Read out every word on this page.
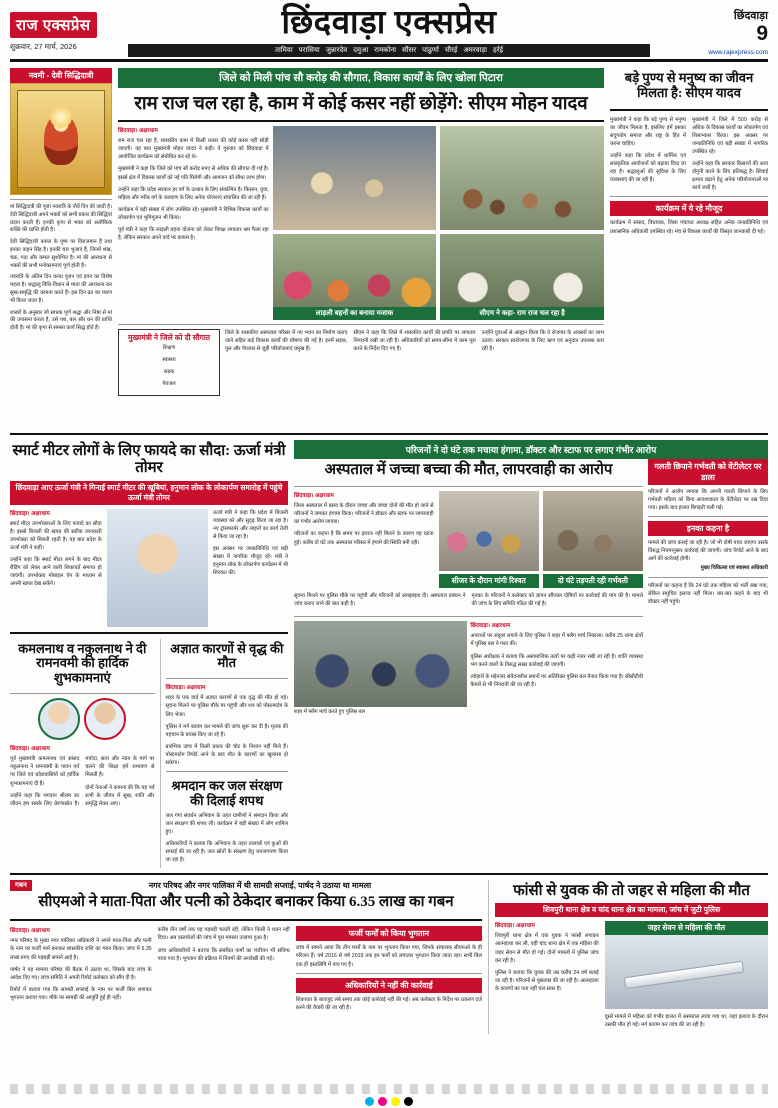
राज एक्सप्रेस
शुक्रवार, 27 मार्च, 2026
छिंदवाड़ा एक्सप्रेस
तामिया परासिया जुन्नारदेव दमुआ रामकोना सौंसर पांढुर्णा चौरई अमरवाड़ा हर्रई
छिंदवाड़ा
9
www.rajexpress.com
नवमी - देवी सिद्धिदात्री

मां सिद्धिदात्री की पूजा नवरात्रि के नौवें दिन की जाती है। देवी सिद्धिदात्री अपने भक्तों को सभी प्रकार की सिद्धियां प्रदान करती हैं। इनकी कृपा से भक्त को अलौकिक शक्ति की प्राप्ति होती है।

देवी सिद्धिदात्री कमल के पुष्प पर विराजमान हैं तथा इनका वाहन सिंह है। इनकी चार भुजाएं हैं, जिनमें शंख, चक्र, गदा और कमल सुशोभित है। मां की आराधना से भक्तों की सभी मनोकामनाएं पूर्ण होती हैं।

नवरात्रि के अंतिम दिन कन्या पूजन एवं हवन का विशेष महत्व है। श्रद्धालु विधि-विधान से माता की आराधना कर सुख-समृद्धि की कामना करते हैं। इस दिन व्रत का पारण भी किया जाता है।

शास्त्रों के अनुसार जो साधक पूर्ण श्रद्धा और निष्ठा से मां की उपासना करता है, उसे यश, बल और धन की प्राप्ति होती है। मां की कृपा से समस्त कार्य सिद्ध होते हैं।

जिले को मिली पांच सौ करोड़ की सौगात, विकास कार्यों के लिए खोला पिटारा
राम राज चल रहा है, काम में कोई कसर नहीं छोड़ेंगे: सीएम मोहन यादव
छिंदवाड़ा। अक्षरधाम

राम राज चल रहा है, शासकीय काम में किसी प्रकार की कोई कसर नहीं छोड़ी जाएगी। यह बात मुख्यमंत्री मोहन यादव ने कही। वे गुरुवार को छिंदवाड़ा में आयोजित कार्यक्रम को संबोधित कर रहे थे।

मुख्यमंत्री ने कहा कि जिले को पांच सौ करोड़ रुपए से अधिक की सौगात दी गई है। इससे क्षेत्र में विकास कार्यों को नई गति मिलेगी और आमजन को सीधा लाभ होगा।

उन्होंने कहा कि प्रदेश सरकार हर वर्ग के उत्थान के लिए संकल्पित है। किसान, युवा, महिला और गरीब वर्ग के कल्याण के लिए अनेक योजनाएं संचालित की जा रही हैं।

कार्यक्रम में बड़ी संख्या में लोग उपस्थित रहे। मुख्यमंत्री ने विभिन्न विकास कार्यों का लोकार्पण एवं भूमिपूजन भी किया।

पूर्व मंत्री ने कहा कि लाड़ली बहना योजना को लेकर विपक्ष लगातार भ्रम फैला रहा है, लेकिन सरकार अपने वादे पर कायम है।

लाड़ली बहनों का बनाया मजाक	सीएम ने कहा- राम राज चल रहा है
मुख्यमंत्री ने जिले को दी सौगात

शिक्षण

स्वास्थ्य

सड़क

पेयजल

जिले के शासकीय अस्पताल परिसर में नए भवन का निर्माण कराए जाने सहित कई विकास कार्यों की घोषणा की गई है। इनमें सड़क, पुल और पेयजल से जुड़ी परियोजनाएं प्रमुख हैं।

सीएम ने कहा कि जिले में शासकीय कार्यों की प्रगति पर लगातार निगरानी रखी जा रही है। अधिकारियों को समय-सीमा में काम पूरा करने के निर्देश दिए गए हैं।

उन्होंने युवाओं से आह्वान किया कि वे रोजगार के अवसरों का लाभ उठाएं। सरकार स्वरोजगार के लिए ऋण एवं अनुदान उपलब्ध करा रही है।

बड़े पुण्य से मनुष्य का जीवन मिलता है: सीएम यादव

मुख्यमंत्री ने कहा कि बड़े पुण्य से मनुष्य का जीवन मिलता है, इसलिए हमें इसका सदुपयोग समाज और राष्ट्र के हित में करना चाहिए।

उन्होंने कहा कि प्रदेश में धार्मिक एवं सांस्कृतिक आयोजनों को बढ़ावा दिया जा रहा है। श्रद्धालुओं की सुविधा के लिए व्यवस्थाएं की जा रही हैं।

मुख्यमंत्री ने जिले में 500 करोड़ से अधिक के विकास कार्यों का लोकार्पण एवं शिलान्यास किया। इस अवसर पर जनप्रतिनिधि एवं बड़ी संख्या में नागरिक उपस्थित रहे।

उन्होंने कहा कि सरकार किसानों की आय दोगुनी करने के लिए प्रतिबद्ध है। सिंचाई क्षमता बढ़ाने हेतु अनेक परियोजनाओं पर कार्य जारी है।

कार्यक्रम में ये रहे मौजूद
कार्यक्रम में सांसद, विधायक, जिला पंचायत अध्यक्ष सहित अनेक जनप्रतिनिधि एवं प्रशासनिक अधिकारी उपस्थित रहे। मंच से विकास कार्यों की विस्तृत जानकारी दी गई।
स्मार्ट मीटर लोगों के लिए फायदे का सौदा: ऊर्जा मंत्री तोमर
छिंदवाड़ा आए ऊर्जा मंत्री ने गिनाई स्मार्ट मीटर की खूबियां, हनुमान लोक के लोकार्पण समारोह में पहुंचे ऊर्जा मंत्री तोमर
छिंदवाड़ा। अक्षरधाम

स्मार्ट मीटर उपभोक्ताओं के लिए फायदे का सौदा है। इससे बिजली की खपत की सटीक जानकारी उपभोक्ता को मिलती रहती है। यह बात प्रदेश के ऊर्जा मंत्री ने कही।

उन्होंने कहा कि स्मार्ट मीटर लगने के बाद मीटर रीडिंग को लेकर आने वाली शिकायतें समाप्त हो जाएंगी। उपभोक्ता मोबाइल ऐप के माध्यम से अपनी खपत देख सकेंगे।

ऊर्जा मंत्री ने कहा कि प्रदेश में बिजली व्यवस्था को और सुदृढ़ किया जा रहा है। नए ट्रांसफार्मर और लाइनों का कार्य तेजी से किया जा रहा है।

इस अवसर पर जनप्रतिनिधि एवं बड़ी संख्या में नागरिक मौजूद रहे। मंत्री ने हनुमान लोक के लोकार्पण कार्यक्रम में भी शिरकत की।

कमलनाथ व नकुलनाथ ने दी रामनवमी की हार्दिक शुभकामनाएं
छिंदवाड़ा। अक्षरधाम

पूर्व मुख्यमंत्री कमलनाथ एवं सांसद नकुलनाथ ने रामनवमी के पावन पर्व पर जिले एवं प्रदेशवासियों को हार्दिक शुभकामनाएं दी हैं।

उन्होंने कहा कि भगवान श्रीराम का जीवन हम सबके लिए प्रेरणास्रोत है। मर्यादा, सत्य और न्याय के मार्ग पर चलने की शिक्षा हमें रामायण से मिलती है।

दोनों नेताओं ने कामना की कि यह पर्व सभी के जीवन में सुख, शांति और समृद्धि लेकर आए।

अज्ञात कारणों से वृद्ध की मौत
छिंदवाड़ा। अक्षरधाम

शहर के एक वार्ड में अज्ञात कारणों से एक वृद्ध की मौत हो गई। सूचना मिलने पर पुलिस मौके पर पहुंची और शव को पोस्टमार्टम के लिए भेजा।

पुलिस ने मर्ग कायम कर मामले की जांच शुरू कर दी है। मृतक की पहचान के प्रयास किए जा रहे हैं।

प्रारंभिक जांच में किसी प्रकार की चोट के निशान नहीं मिले हैं। पोस्टमार्टम रिपोर्ट आने के बाद मौत के कारणों का खुलासा हो सकेगा।

श्रमदान कर जल संरक्षण की दिलाई शपथ

जल गंगा संवर्धन अभियान के तहत ग्रामीणों ने श्रमदान किया और जल संरक्षण की शपथ ली। कार्यक्रम में बड़ी संख्या में लोग शामिल हुए।

अधिकारियों ने बताया कि अभियान के तहत तालाबों एवं कुओं की सफाई की जा रही है। जल स्रोतों के संरक्षण हेतु जनजागरण किया जा रहा है।

परिजनों ने दो घंटे तक मचाया हंगामा, डॉक्टर और स्टाफ पर लगाए गंभीर आरोप
अस्पताल में जच्चा बच्चा की मौत, लापरवाही का आरोप
छिंदवाड़ा। अक्षरधाम

जिला अस्पताल में प्रसव के दौरान जच्चा और बच्चा दोनों की मौत हो जाने से परिजनों ने जमकर हंगामा किया। परिजनों ने डॉक्टर और स्टाफ पर लापरवाही का गंभीर आरोप लगाया।

परिजनों का कहना है कि समय पर इलाज नहीं मिलने के कारण यह घटना हुई। करीब दो घंटे तक अस्पताल परिसर में हंगामे की स्थिति बनी रही।

सीजर के दौरान मांगी रिश्वत	दो घंटे तड़पती रही गर्भवती

सूचना मिलने पर पुलिस मौके पर पहुंची और परिजनों को समझाइश दी। अस्पताल प्रबंधन ने जांच कराए जाने की बात कही है।

मृतका के परिजनों ने कलेक्टर को ज्ञापन सौंपकर दोषियों पर कार्रवाई की मांग की है। मामले की जांच के लिए समिति गठित की गई है।

छिंदवाड़ा। अक्षरधाम

अपराधों पर अंकुश लगाने के लिए पुलिस ने शहर में फ्लैग मार्च निकाला। करीब 25 थाना क्षेत्रों में पुलिस बल ने गश्त की।

पुलिस अधीक्षक ने बताया कि असामाजिक तत्वों पर कड़ी नजर रखी जा रही है। शांति व्यवस्था भंग करने वालों के विरुद्ध सख्त कार्रवाई की जाएगी।

त्योहारों के मद्देनजर संवेदनशील स्थानों पर अतिरिक्त पुलिस बल तैनात किया गया है। सीसीटीवी कैमरों से भी निगरानी की जा रही है।

शहर में फ्लैग मार्च करते हुए पुलिस बल
गलती छिपाने गर्भवती को वेंटीलेटर पर डाला
परिजनों ने आरोप लगाया कि अपनी गलती छिपाने के लिए गर्भवती महिला को बिना आवश्यकता के वेंटीलेटर पर रख दिया गया। इसके बाद हालत बिगड़ती चली गई।
इनका कहना है
मामले की जांच कराई जा रही है। जो भी दोषी पाया जाएगा उसके विरुद्ध नियमानुसार कार्रवाई की जाएगी। जांच रिपोर्ट आने के बाद आगे की कार्रवाई होगी।
मुख्य चिकित्सा एवं स्वास्थ्य अधिकारी
परिजनों का कहना है कि 24 घंटे तक महिला को भर्ती रखा गया, लेकिन समुचित इलाज नहीं मिला। बार-बार कहने के बाद भी डॉक्टर नहीं पहुंचे।
गबन	नगर परिषद और नगर पालिका में थी सामग्री सप्लाई, पार्षद ने उठाया था मामला
सीएमओ ने माता-पिता और पत्नी को ठेकेदार बनाकर किया 6.35 लाख का गबन
छिंदवाड़ा। अक्षरधाम

नगर परिषद के मुख्य नगर पालिका अधिकारी ने अपने माता-पिता और पत्नी के नाम पर फर्जी फर्म बनाकर शासकीय राशि का गबन किया। जांच में 6.35 लाख रुपए की गड़बड़ी सामने आई है।

पार्षद ने यह मामला परिषद की बैठक में उठाया था, जिसके बाद जांच के आदेश दिए गए। जांच समिति ने अपनी रिपोर्ट कलेक्टर को सौंप दी है।

रिपोर्ट में बताया गया कि सामग्री सप्लाई के नाम पर फर्जी बिल लगाकर भुगतान कराया गया। मौके पर सामग्री की आपूर्ति हुई ही नहीं।

करीब तीन वर्षों तक यह गड़बड़ी चलती रही, लेकिन किसी ने ध्यान नहीं दिया। अब दस्तावेजों की जांच में पूरा मामला उजागर हुआ है।

जांच अधिकारियों ने बताया कि संबंधित फर्मों का पंजीयन भी संदिग्ध पाया गया है। भुगतान की प्रक्रिया में नियमों की अनदेखी की गई।

फर्जी फर्मों को किया भुगतान
जांच में सामने आया कि तीन फर्मों के नाम पर भुगतान किया गया, जिनके संचालक सीएमओ के ही परिजन हैं। वर्ष 2016 से वर्ष 2019 तक इन फर्मों को लगातार भुगतान किया जाता रहा। सभी बिल एक ही हस्तलिपि में पाए गए हैं।
अधिकारियों ने नहीं की कार्रवाई
शिकायत के बावजूद लंबे समय तक कोई कार्रवाई नहीं की गई। अब कलेक्टर के निर्देश पर प्रकरण दर्ज करने की तैयारी की जा रही है।
फांसी से युवक की तो जहर से महिला की मौत
शिवपुरी थाना क्षेत्र व चांद थाना क्षेत्र का मामला, जांच में जुटी पुलिस
छिंदवाड़ा। अक्षरधाम

शिवपुरी थाना क्षेत्र में एक युवक ने फांसी लगाकर आत्महत्या कर ली, वहीं चांद थाना क्षेत्र में एक महिला की जहर सेवन से मौत हो गई। दोनों मामलों में पुलिस जांच कर रही है।

पुलिस ने बताया कि युवक की उम्र करीब 24 वर्ष बताई जा रही है। परिजनों से पूछताछ की जा रही है। आत्महत्या के कारणों का पता नहीं चल सका है।

जहर सेवन से महिला की मौत

दूसरे मामले में महिला को गंभीर हालत में अस्पताल लाया गया था, जहां इलाज के दौरान उसकी मौत हो गई। मर्ग कायम कर जांच की जा रही है।
